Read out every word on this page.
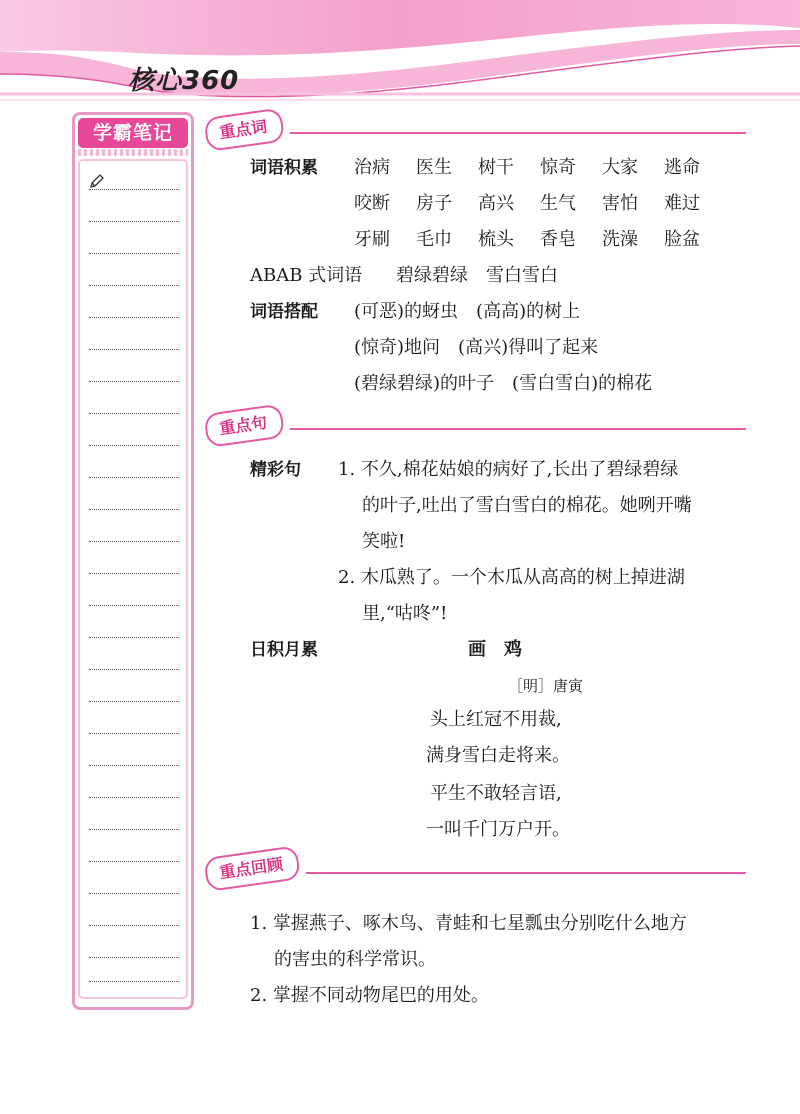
核心360
学霸笔记	重点词
词语积累 治病 医生 树干 惊奇 大家 逃命
咬断 房子 高兴 生气 害怕 难过
牙刷 毛巾 梳头 香皂 洗澡 脸盆
ABAB 式词语 碧绿碧绿　雪白雪白
词语搭配 (可恶)的蚜虫　(高高)的树上
(惊奇)地问　(高兴)得叫了起来
(碧绿碧绿)的叶子　(雪白雪白)的棉花
重点句
精彩句 1. 不久,棉花姑娘的病好了,长出了碧绿碧绿
的叶子,吐出了雪白雪白的棉花。她咧开嘴
笑啦!
2. 木瓜熟了。一个木瓜从高高的树上掉进湖
里,“咕咚”!
日积月累	画　鸡
［明］唐寅
头上红冠不用裁,
满身雪白走将来。
平生不敢轻言语,
一叫千门万户开。
重点回顾
1. 掌握燕子、啄木鸟、青蛙和七星瓢虫分别吃什么地方
的害虫的科学常识。
2. 掌握不同动物尾巴的用处。
